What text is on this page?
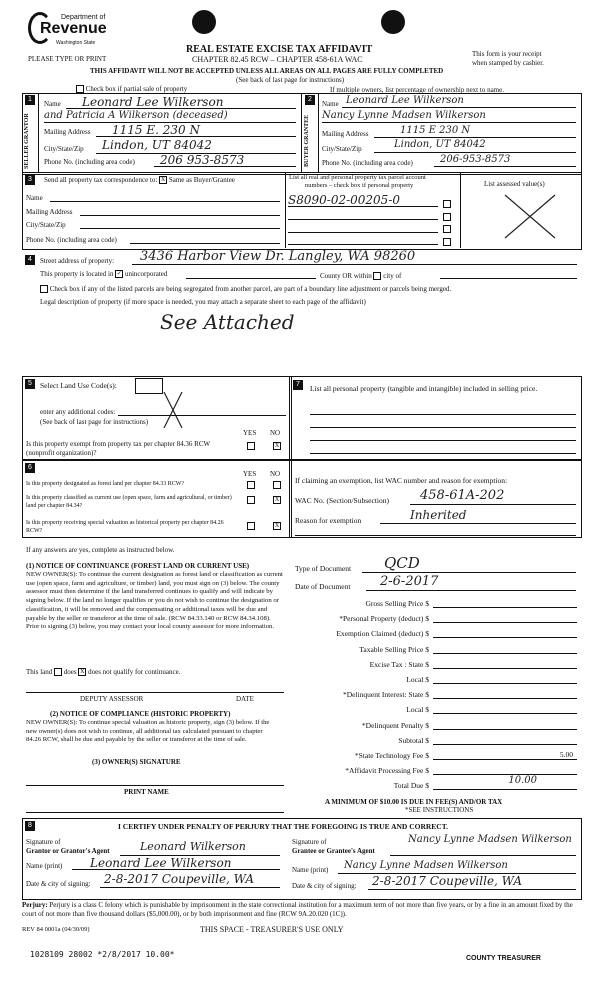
Department of
Revenue
Washington State
PLEASE TYPE OR PRINT
REAL ESTATE EXCISE TAX AFFIDAVIT
CHAPTER 82.45 RCW – CHAPTER 458-61A WAC
This form is your receipt
when stamped by cashier.
THIS AFFIDAVIT WILL NOT BE ACCEPTED UNLESS ALL AREAS ON ALL PAGES ARE FULLY COMPLETED
(See back of last page for instructions)
Check box if partial sale of property	If multiple owners, list percentage of ownership next to name.
1
SELLER GRANTOR
Name Leonard Lee Wilkerson
and Patricia A Wilkerson (deceased)
Mailing Address 1115 E. 230 N
City/State/Zip Lindon, UT 84042
Phone No. (including area code) 206 953-8573
2
BUYER GRANTEE
Name Leonard Lee Wilkerson
Nancy Lynne Madsen Wilkerson
Mailing Address	1115 E 230 N
City/State/Zip	Lindon, UT 84042
Phone No. (including area code)	206-953-8573
3	Send all property tax correspondence to: X Same as Buyer/Grantee
Name
Mailing Address
City/State/Zip
Phone No. (including area code)
List all real and personal property tax parcel account
numbers – check box if personal property
S8090-02-00205-0

List assessed value(s)
4	Street address of property: 3436 Harbor View Dr. Langley, WA 98260
This property is located in ✓ unincorporated	County OR within city of
Check box if any of the listed parcels are being segregated from another parcel, are part of a boundary line adjustment or parcels being merged.
Legal description of property (if more space is needed, you may attach a separate sheet to each page of the affidavit)
See Attached
5	Select Land Use Code(s):
enter any additional codes:
(See back of last page for instructions)
YES NO
Is this property exempt from property tax per chapter 84.36 RCW (nonprofit organization)?
X
6
YES NO
Is this property designated as forest land per chapter 84.33 RCW?
Is this property classified as current use (open space, farm and agricultural, or timber) land per chapter 84.34?
X
Is this property receiving special valuation as historical property per chapter 84.26 RCW?
X
If any answers are yes, complete as instructed below.
(1) NOTICE OF CONTINUANCE (FOREST LAND OR CURRENT USE)
NEW OWNER(S): To continue the current designation as forest land or classification as current use (open space, farm and agriculture, or timber) land, you must sign on (3) below. The county assessor must then determine if the land transferred continues to qualify and will indicate by signing below. If the land no longer qualifies or you do not wish to continue the designation or classification, it will be removed and the compensating or additional taxes will be due and payable by the seller or transferor at the time of sale. (RCW 84.33.140 or RCW 84.34.108). Prior to signing (3) below, you may contact your local county assessor for more information.
This land does X does not qualify for continuance.
DEPUTY ASSESSOR	DATE
(2) NOTICE OF COMPLIANCE (HISTORIC PROPERTY)
NEW OWNER(S): To continue special valuation as historic property, sign (3) below. If the new owner(s) does not wish to continue, all additional tax calculated pursuant to chapter 84.26 RCW, shall be due and payable by the seller or transferor at the time of sale.
(3) OWNER(S) SIGNATURE
PRINT NAME
7	List all personal property (tangible and intangible) included in selling price.
If claiming an exemption, list WAC number and reason for exemption:
WAC No. (Section/Subsection) 458-61A-202
Reason for exemption	Inherited
Type of Document QCD
Date of Document 2-6-2017
Gross Selling Price $
*Personal Property (deduct) $
Exemption Claimed (deduct) $
Taxable Selling Price $
Excise Tax : State $
Local $
*Delinquent Interest: State $
Local $
*Delinquent Penalty $
Subtotal $
*State Technology Fee $	5.00
*Affidavit Processing Fee $
Total Due $	10.00
A MINIMUM OF $10.00 IS DUE IN FEE(S) AND/OR TAX
*SEE INSTRUCTIONS
8	I CERTIFY UNDER PENALTY OF PERJURY THAT THE FOREGOING IS TRUE AND CORRECT.
Signature of
Grantor or Grantor's Agent	Leonard Wilkerson
Name (print) Leonard Lee Wilkerson
Date & city of signing: 2-8-2017 Coupeville, WA
Signature of
Grantee or Grantee's Agent
Nancy Lynne Madsen Wilkerson
Name (print) Nancy Lynne Madsen Wilkerson
Date & city of signing: 2-8-2017 Coupeville, WA
Perjury: Perjury is a class C felony which is punishable by imprisonment in the state correctional institution for a maximum term of not more than five years, or by a fine in an amount fixed by the court of not more than five thousand dollars ($5,000.00), or by both imprisonment and fine (RCW 9A.20.020 (1C)).
REV 84 0001a (04/30/09)	THIS SPACE - TREASURER'S USE ONLY
1028109 28002 *2/8/2017 10.00*	COUNTY TREASURER
